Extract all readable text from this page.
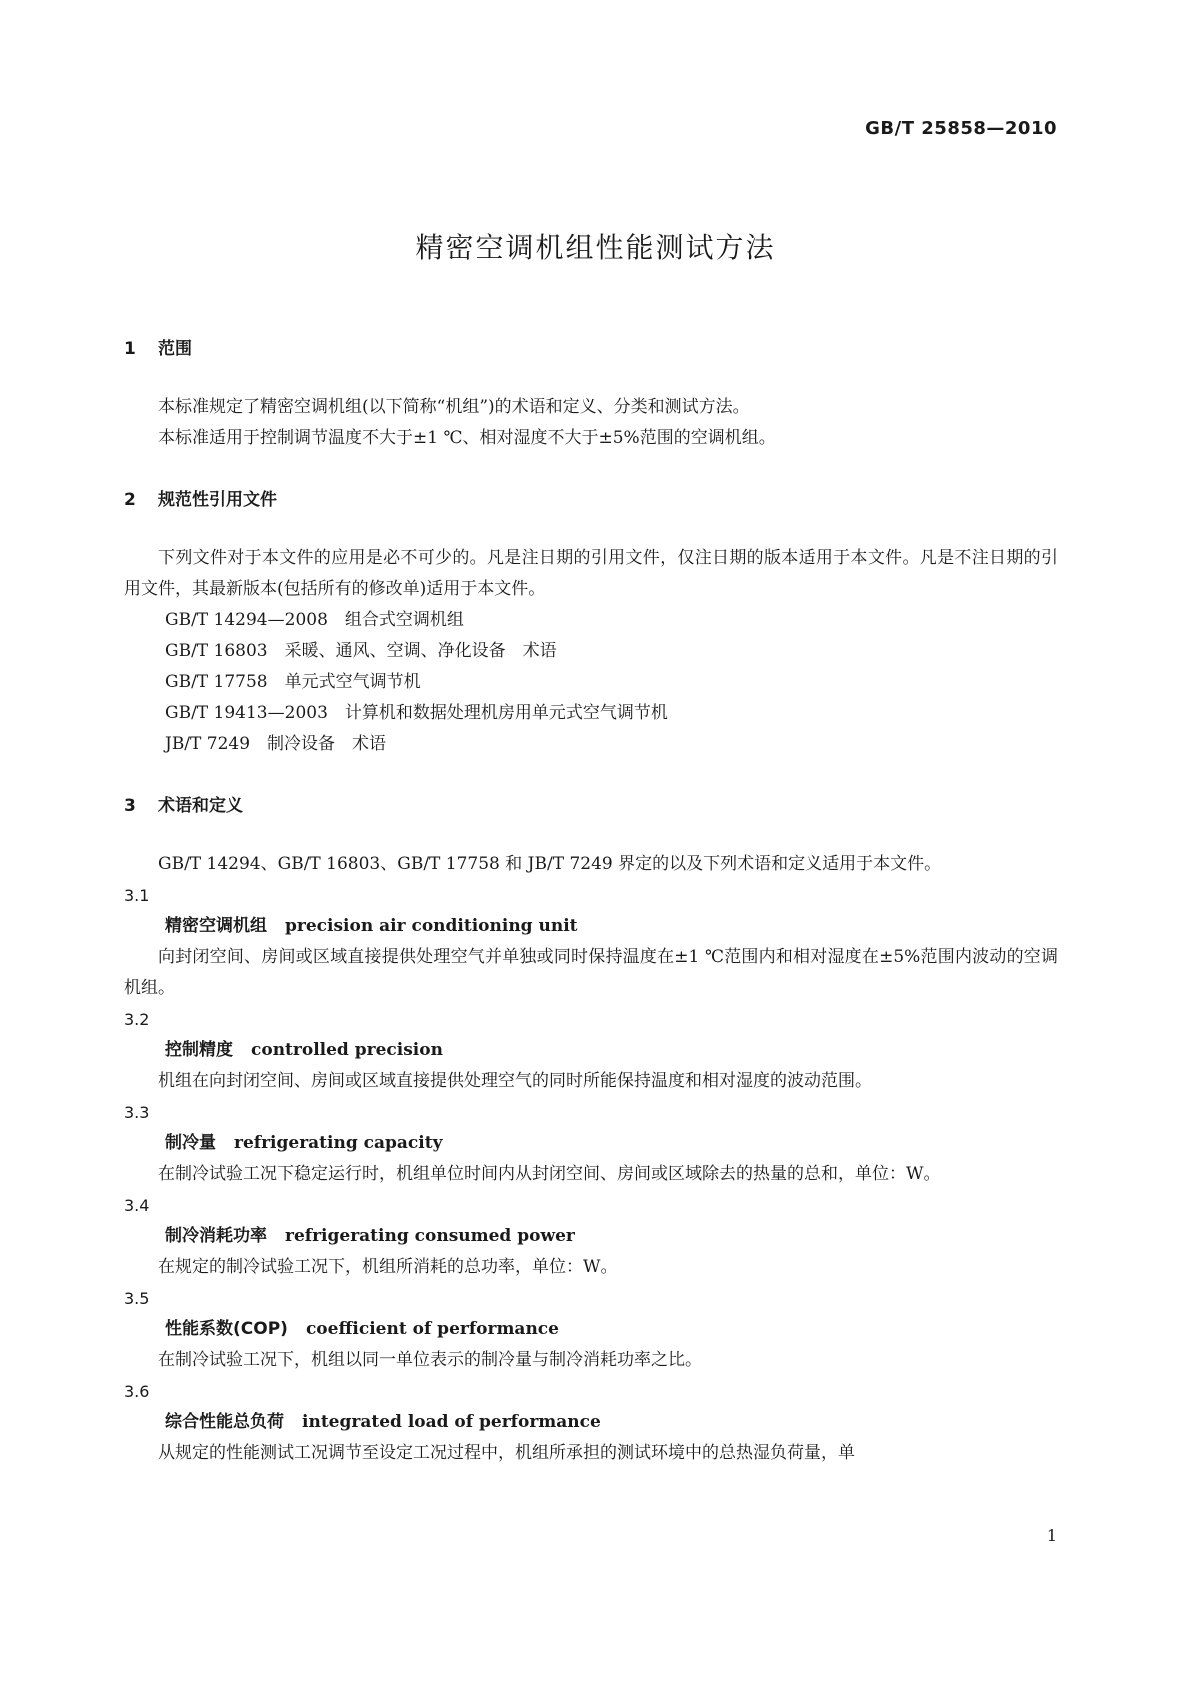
GB/T 25858—2010
精密空调机组性能测试方法
1 范围
本标准规定了精密空调机组(以下简称“机组”)的术语和定义、分类和测试方法。
本标准适用于控制调节温度不大于±1 ℃、相对湿度不大于±5%范围的空调机组。
2 规范性引用文件
下列文件对于本文件的应用是必不可少的。凡是注日期的引用文件，仅注日期的版本适用于本文件。凡是不注日期的引用文件，其最新版本(包括所有的修改单)适用于本文件。
GB/T 14294—2008　 组合式空调机组
GB/T 16803　 采暖、通风、空调、净化设备　术语
GB/T 17758　 单元式空气调节机
GB/T 19413—2003　 计算机和数据处理机房用单元式空气调节机
JB/T 7249　 制冷设备　术语
3 术语和定义
GB/T 14294、GB/T 16803、GB/T 17758 和 JB/T 7249 界定的以及下列术语和定义适用于本文件。
3.1
精密空调机组 precision air conditioning unit
向封闭空间、房间或区域直接提供处理空气并单独或同时保持温度在±1 ℃范围内和相对湿度在±5%范围内波动的空调机组。
3.2
控制精度 controlled precision
机组在向封闭空间、房间或区域直接提供处理空气的同时所能保持温度和相对湿度的波动范围。
3.3
制冷量 refrigerating capacity
在制冷试验工况下稳定运行时，机组单位时间内从封闭空间、房间或区域除去的热量的总和，单位：W。
3.4
制冷消耗功率 refrigerating consumed power
在规定的制冷试验工况下，机组所消耗的总功率，单位：W。
3.5
性能系数(COP) coefficient of performance
在制冷试验工况下，机组以同一单位表示的制冷量与制冷消耗功率之比。
3.6
综合性能总负荷 integrated load of performance
从规定的性能测试工况调节至设定工况过程中，机组所承担的测试环境中的总热湿负荷量，单
1
